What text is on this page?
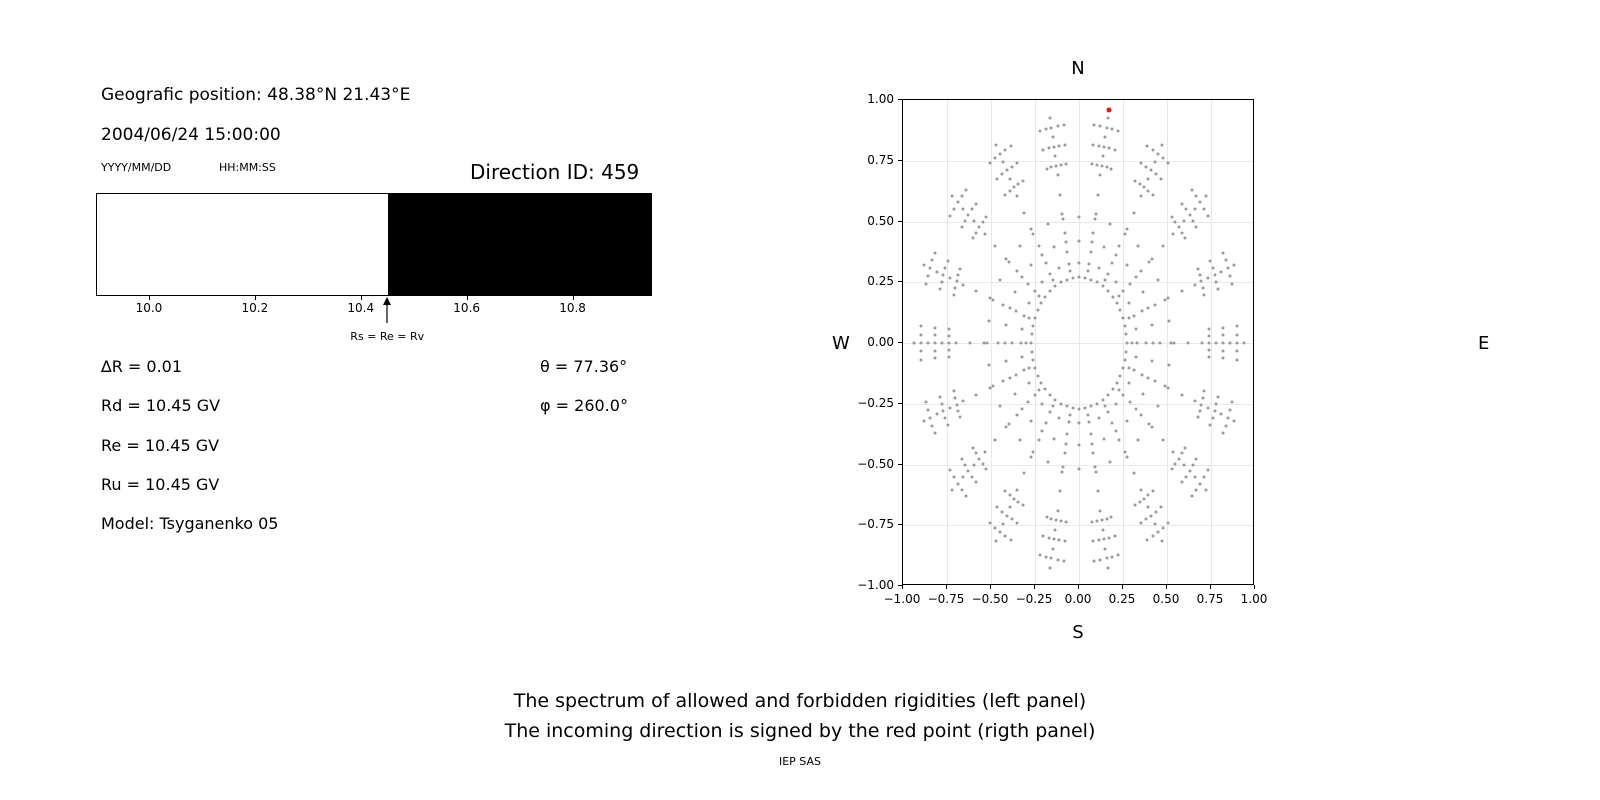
Geografic position: 48.38°N 21.43°E
2004/06/24 15:00:00
YYYY/MM/DD	HH:MM:SS	Direction ID: 459
Rs = Re = Rv
∆R = 0.01
Rd = 10.45 GV
Re = 10.45 GV
Ru = 10.45 GV
Model: Tsyganenko 05
θ = 77.36°
φ = 260.0°
10.0	10.2	10.4	10.6	10.8
−1.00 −0.75 −0.50 −0.25 0.00 0.25 0.50 0.75 1.00
−1.00
−0.75
−0.50
−0.25
0.00
0.25
0.50
0.75
1.00
N
S
W	E
The spectrum of allowed and forbidden rigidities (left panel)
The incoming direction is signed by the red point (rigth panel)
IEP SAS
